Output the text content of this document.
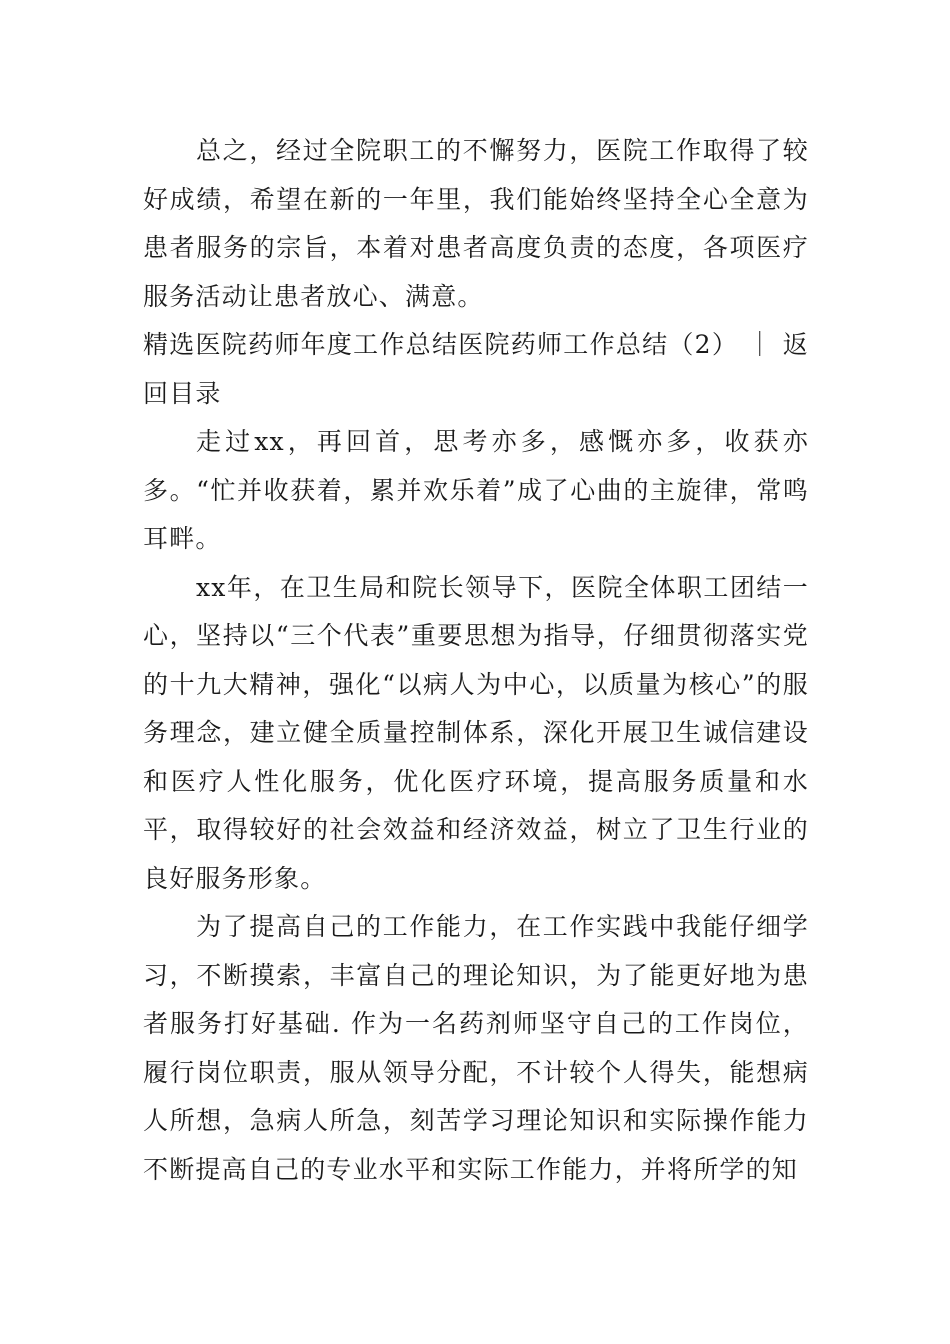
总之，经过全院职工的不懈努力，医院工作取得了较好成绩，希望在新的一年里，我们能始终坚持全心全意为患者服务的宗旨，本着对患者高度负责的态度，各项医疗服务活动让患者放心、满意。

精选医院药师年度工作总结医院药师工作总结（2） ｜ 返回目录

走过xx，再回首，思考亦多，感慨亦多，收获亦多。“忙并收获着，累并欢乐着”成了心曲的主旋律，常鸣耳畔。

xx年，在卫生局和院长领导下，医院全体职工团结一心，坚持以“三个代表”重要思想为指导，仔细贯彻落实党的十九大精神，强化“以病人为中心，以质量为核心”的服务理念，建立健全质量控制体系，深化开展卫生诚信建设和医疗人性化服务，优化医疗环境，提高服务质量和水平，取得较好的社会效益和经济效益，树立了卫生行业的良好服务形象。

为了提高自己的工作能力，在工作实践中我能仔细学习，不断摸索，丰富自己的理论知识，为了能更好地为患者服务打好基础. 作为一名药剂师坚守自己的工作岗位，履行岗位职责，服从领导分配，不计较个人得失，能想病人所想，急病人所急，刻苦学习理论知识和实际操作能力不断提高自己的专业水平和实际工作能力，并将所学的知
